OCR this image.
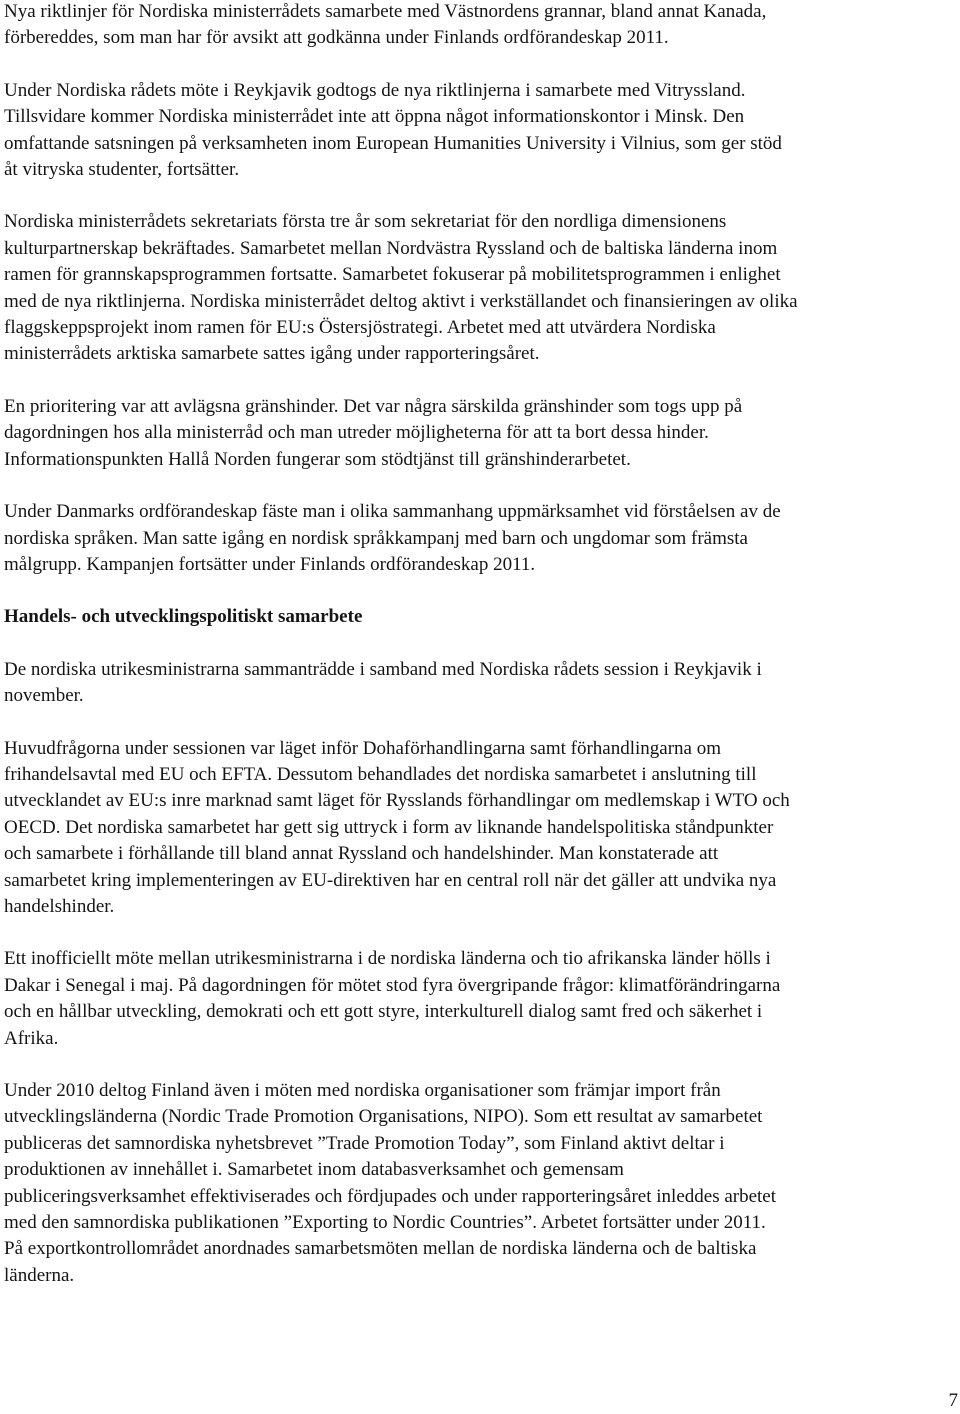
Nya riktlinjer för Nordiska ministerrådets samarbete med Västnordens grannar, bland annat Kanada,
förbereddes, som man har för avsikt att godkänna under Finlands ordförandeskap 2011.

Under Nordiska rådets möte i Reykjavik godtogs de nya riktlinjerna i samarbete med Vitryssland.
Tillsvidare kommer Nordiska ministerrådet inte att öppna något informationskontor i Minsk. Den
omfattande satsningen på verksamheten inom European Humanities University i Vilnius, som ger stöd
åt vitryska studenter, fortsätter.

Nordiska ministerrådets sekretariats första tre år som sekretariat för den nordliga dimensionens
kulturpartnerskap bekräftades. Samarbetet mellan Nordvästra Ryssland och de baltiska länderna inom
ramen för grannskapsprogrammen fortsatte. Samarbetet fokuserar på mobilitetsprogrammen i enlighet
med de nya riktlinjerna. Nordiska ministerrådet deltog aktivt i verkställandet och finansieringen av olika
flaggskeppsprojekt inom ramen för EU:s Östersjöstrategi. Arbetet med att utvärdera Nordiska
ministerrådets arktiska samarbete sattes igång under rapporteringsåret.

En prioritering var att avlägsna gränshinder. Det var några särskilda gränshinder som togs upp på
dagordningen hos alla ministerråd och man utreder möjligheterna för att ta bort dessa hinder.
Informationspunkten Hallå Norden fungerar som stödtjänst till gränshinderarbetet.

Under Danmarks ordförandeskap fäste man i olika sammanhang uppmärksamhet vid förståelsen av de
nordiska språken. Man satte igång en nordisk språkkampanj med barn och ungdomar som främsta
målgrupp. Kampanjen fortsätter under Finlands ordförandeskap 2011.

Handels- och utvecklingspolitiskt samarbete

De nordiska utrikesministrarna sammanträdde i samband med Nordiska rådets session i Reykjavik i
november.

Huvudfrågorna under sessionen var läget inför Dohaförhandlingarna samt förhandlingarna om
frihandelsavtal med EU och EFTA. Dessutom behandlades det nordiska samarbetet i anslutning till
utvecklandet av EU:s inre marknad samt läget för Rysslands förhandlingar om medlemskap i WTO och
OECD. Det nordiska samarbetet har gett sig uttryck i form av liknande handelspolitiska ståndpunkter
och samarbete i förhållande till bland annat Ryssland och handelshinder. Man konstaterade att
samarbetet kring implementeringen av EU-direktiven har en central roll när det gäller att undvika nya
handelshinder.

Ett inofficiellt möte mellan utrikesministrarna i de nordiska länderna och tio afrikanska länder hölls i
Dakar i Senegal i maj. På dagordningen för mötet stod fyra övergripande frågor: klimatförändringarna
och en hållbar utveckling, demokrati och ett gott styre, interkulturell dialog samt fred och säkerhet i
Afrika.

Under 2010 deltog Finland även i möten med nordiska organisationer som främjar import från
utvecklingsländerna (Nordic Trade Promotion Organisations, NIPO). Som ett resultat av samarbetet
publiceras det samnordiska nyhetsbrevet ”Trade Promotion Today”, som Finland aktivt deltar i
produktionen av innehållet i. Samarbetet inom databasverksamhet och gemensam
publiceringsverksamhet effektiviserades och fördjupades och under rapporteringsåret inleddes arbetet
med den samnordiska publikationen ”Exporting to Nordic Countries”. Arbetet fortsätter under 2011.
På exportkontrollområdet anordnades samarbetsmöten mellan de nordiska länderna och de baltiska
länderna.

7
